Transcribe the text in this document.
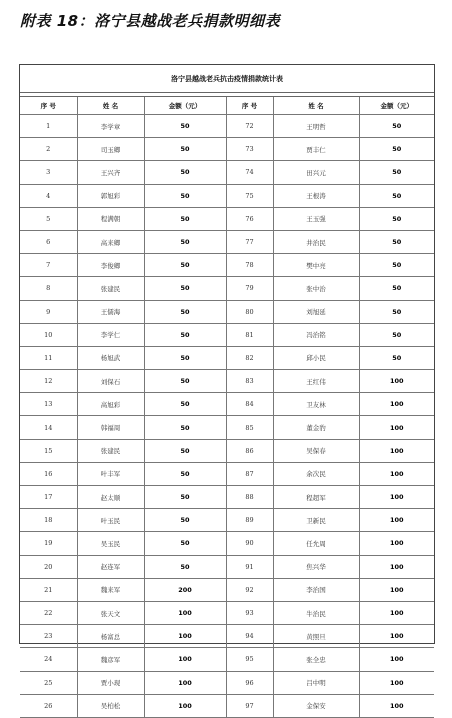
附表 18：洛宁县越战老兵捐款明细表
洛宁县越战老兵抗击疫情捐款统计表
序 号	姓 名	金额（元）	序 号	姓 名	金额（元）
1	李学章	50	72	王明哲	50
2	司玉卿	50	73	贾丰仁	50
3	王兴齐	50	74	田兴元	50
4	郭旭彩	50	75	王根涛	50
5	程满朝	50	76	王玉强	50
6	高来卿	50	77	井治民	50
7	李俊卿	50	78	樊中亮	50
8	张建民	50	79	张中治	50
9	王儒海	50	80	刘旭延	50
10	李学仁	50	81	冯治铭	50
11	杨旭武	50	82	邱小民	50
12	刘保石	50	83	王红伟	100
13	高旭彩	50	84	卫友林	100
14	韩福周	50	85	董金豹	100
15	张建民	50	86	吴保春	100
16	叶丰军	50	87	余次民	100
17	赵太顺	50	88	程超军	100
18	叶玉民	50	89	卫新民	100
19	吴玉民	50	90	任允周	100
20	赵连军	50	91	焦兴华	100
21	魏来军	200	92	李治国	100
22	张天文	100	93	牛治民	100
23	杨富总	100	94	黄照旦	100
24	魏彦军	100	95	张全忠	100
25	贾小现	100	96	吕中明	100
26	吴柏松	100	97	金保安	100
